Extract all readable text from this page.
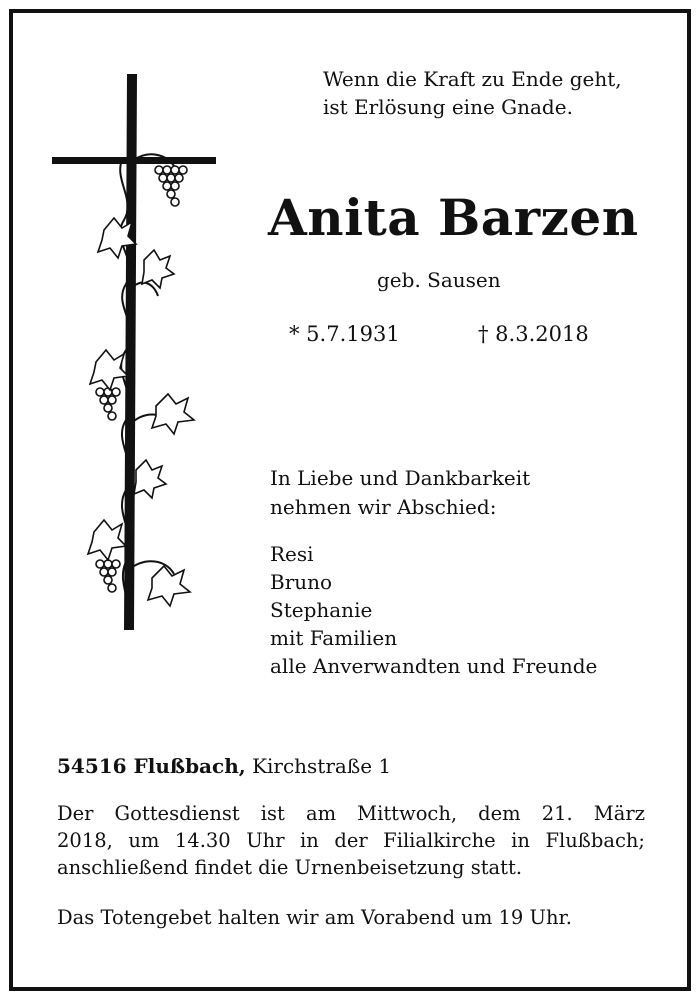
Wenn die Kraft zu Ende geht,
ist Erlösung eine Gnade.
Anita Barzen
geb. Sausen
* 5.7.1931	† 8.3.2018
In Liebe und Dankbarkeit
nehmen wir Abschied:
Resi
Bruno
Stephanie
mit Familien
alle Anverwandten und Freunde
54516 Flußbach, Kirchstraße 1
Der Gottesdienst ist am Mittwoch, dem 21. März
2018, um 14.30 Uhr in der Filialkirche in Flußbach;
anschließend findet die Urnenbeisetzung statt.
Das Totengebet halten wir am Vorabend um 19 Uhr.
